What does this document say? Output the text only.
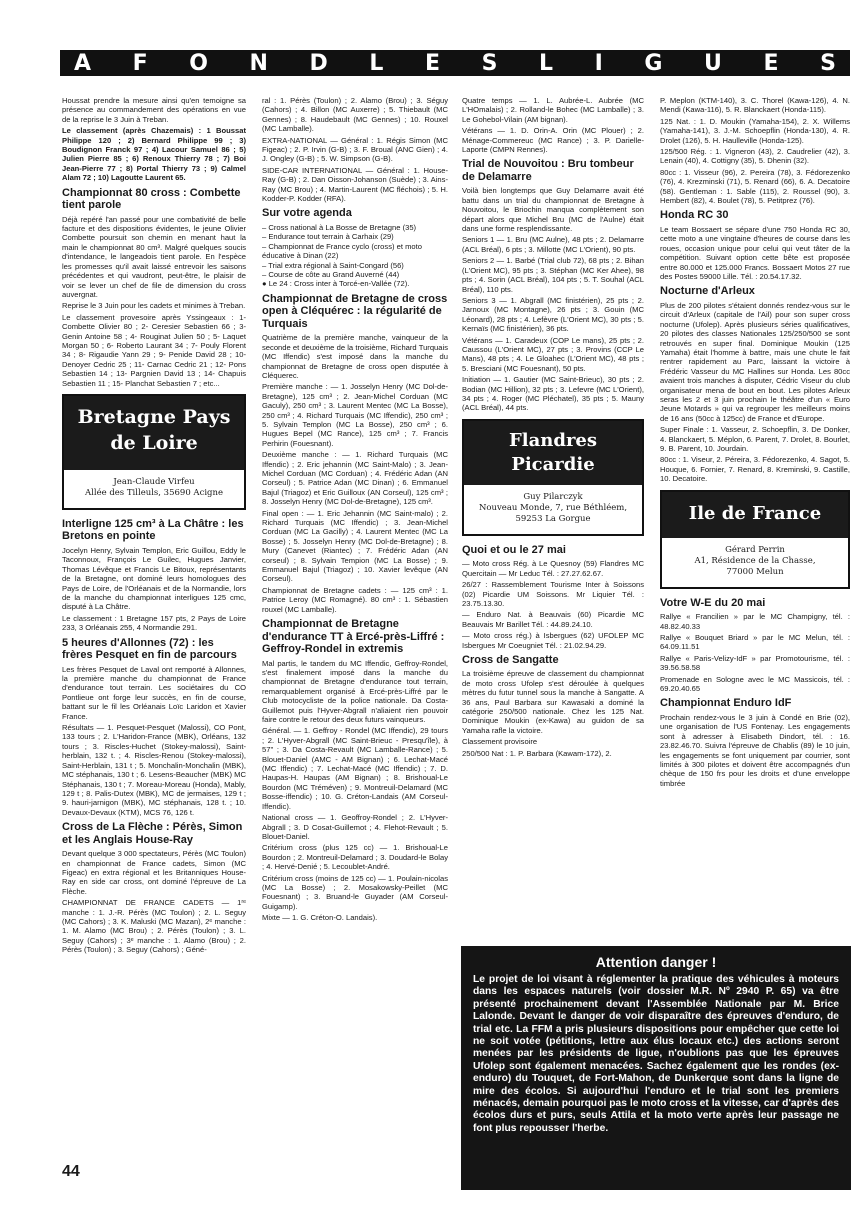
A F O N D L E S L I G U E S

Houssat prendre la mesure ainsi qu'en temoigne sa présence au commandement des opérations en vue de la reprise le 3 Juin à Treban.

Le classement (après Chazemais) : 1 Boussat Philippe 120 ; 2) Bernard Philippe 99 ; 3) Boudignon Franck 97 ; 4) Lacour Samuel 86 ; 5) Julien Pierre 85 ; 6) Renoux Thierry 78 ; 7) Boi Jean-Pierre 77 ; 8) Portal Thierry 73 ; 9) Calmel Alam 72 ; 10) Lagoutte Laurent 65.

Championnat 80 cross : Combette tient parole

Déjà repéré l'an passé pour une combativité de belle facture et des dispositions évidentes, le jeune Olivier Combette poursuit son chemin en menant haut la main le championnat 80 cm³. Malgré quelques soucis d'intendance, le langeadois tient parole. En l'espèce les promesses qu'il avait laissé entrevoir les saisons précédentes et qui vaudront, peut-être, le plaisir de voir se lever un chef de file de dimension du cross auvergnat.

Reprise le 3 Juin pour les cadets et minimes à Treban.

Le classement provesoire après Yssingeaux : 1- Combette Olivier 80 ; 2- Ceresier Sebastien 66 ; 3- Genin Antoine 58 ; 4- Rouginat Julien 50 ; 5- Laquet Morgan 50 ; 6- Roberto Laurant 34 ; 7- Pouly Florent 34 ; 8- Rigaudie Yann 29 ; 9- Penide David 28 ; 10- Denoyer Cedric 25 ; 11- Carnac Cedric 21 ; 12- Pons Sebastien 14 ; 13- Pargnien David 13 ; 14- Chapuis Sebastien 11 ; 15- Planchat Sebastien 7 ; etc...

Bretagne Pays de Loire
Jean-Claude Virfeu
Allée des Tilleuls, 35690 Acigne
Interligne 125 cm³ à La Châtre : les Bretons en pointe

Jocelyn Henry, Sylvain Templon, Eric Guillou, Eddy le Taconnoux, François Le Guilec, Hugues Janvier, Thomas Lévêque et Francis Le Bitoux, représentants de la Bretagne, ont dominé leurs homologues des Pays de Loire, de l'Orléanais et de la Normandie, lors de la manche du championnat interligues 125 cmc, disputé à La Châtre.

Le classement : 1 Bretagne 157 pts, 2 Pays de Loire 233, 3 Orléanais 255, 4 Normandie 291.

5 heures d'Allonnes (72) : les frères Pesquet en fin de parcours

Les frères Pesquet de Laval ont remporté à Allonnes, la première manche du championnat de France d'endurance tout terrain. Les sociétaires du CO Pontlieue ont forge leur succès, en fin de course, battant sur le fil les Orléanais Loïc Laridon et Xavier France.

Résultats — 1. Pesquet-Pesquet (Malossi), CO Pont, 133 tours ; 2. L'Haridon-France (MBK), Orléans, 132 tours ; 3. Riscles-Huchet (Stokey-malossi), Saint-herblain, 132 t. ; 4. Riscles-Renou (Stokey-malossi), Saint-Herblain, 131 t ; 5. Monchalin-Monchalin (MBK), MC stéphanais, 130 t ; 6. Lesens-Beaucher (MBK) MC Stéphanais, 130 t ; 7. Moreau-Moreau (Honda), Mably, 129 t ; 8. Palis-Dutex (MBK), MC de jermaises, 129 t ; 9. hauri-jarnigon (MBK), MC stéphanais, 128 t. ; 10. Devaux-Devaux (KTM), MCS 76, 126 t.

Cross de La Flèche : Pérès, Simon et les Anglais House-Ray

Devant quelque 3 000 spectateurs, Pérès (MC Toulon) en championnat de France cadets, Simon (MC Figeac) en extra régional et les Britanniques House-Ray en side car cross, ont dominé l'épreuve de La Flèche.

CHAMPIONNAT DE FRANCE CADETS — 1ʳᵉ manche : 1. J.-R. Pérès (MC Toulon) ; 2. L. Seguy (MC Cahors) ; 3. K. Maluski (MC Mazan), 2ᵉ manche : 1. M. Alamo (MC Brou) ; 2. Pérès (Toulon) ; 3. L. Seguy (Cahors) ; 3ᵉ manche : 1. Alamo (Brou) ; 2. Pérès (Toulon) ; 3. Seguy (Cahors) ; Géné-

ral : 1. Pérès (Toulon) ; 2. Alamo (Brou) ; 3. Séguy (Cahors) ; 4. Billon (MC Auxerre) ; 5. Thiebault (MC Gennes) ; 8. Haudebault (MC Gennes) ; 10. Rouxel (MC Lamballe).

EXTRA-NATIONAL — Général : 1. Régis Simon (MC Figeac) ; 2. P. Irvin (G-B) ; 3. F. Broual (ANC Gien) ; 4. J. Ongley (G-B) ; 5. W. Simpson (G-B).

SIDE-CAR INTERNATIONAL — Général : 1. House-Ray (G-B) ; 2. Dan Oisson-Johanson (Suède) ; 3. Ains-Ray (MC Brou) ; 4. Martin-Laurent (MC fléchois) ; 5. H. Kodder-P. Kodder (RFA).

Sur votre agenda
– Cross national à La Bosse de Bretagne (35)
– Endurance tout terrain à Carhaix (29)
– Championnat de France cyclo (cross) et moto éducative à Dinan (22)
– Trial extra régional à Saint-Congard (56)
– Course de côte au Grand Auverné (44)
● Le 24 : Cross inter à Torcé-en-Vallée (72).
Championnat de Bretagne de cross open à Cléquérec : la régularité de Turquais

Quatrième de la première manche, vainqueur de la seconde et deuxième de la troisième, Richard Turquais (MC Iffendic) s'est imposé dans la manche du championnat de Bretagne de cross open disputée à Cléquerec.

Première manche : — 1. Josselyn Henry (MC Dol-de-Bretagne), 125 cm³ ; 2. Jean-Michel Corduan (MC Gaculy), 250 cm³ ; 3. Laurent Mentec (MC La Bosse), 250 cm³ ; 4. Richard Turquais (MC Iffendic), 250 cm³ ; 5. Sylvain Templon (MC La Bosse), 250 cm³ ; 6. Hugues Bepel (MC Rance), 125 cm³ ; 7. Francis Perhirin (Fouesnant).

Deuxième manche : — 1. Richard Turquais (MC Iffendic) ; 2. Eric jehannin (MC Saint-Malo) ; 3. Jean-Michel Corduan (MC Corduan) ; 4. Frédéric Adan (AN Corseul) ; 5. Patrice Adan (MC Dinan) ; 6. Emmanuel Bajul (Triagoz) et Eric Guilloux (AN Corseul), 125 cm³ ; 8. Josselyn Henry (MC Dol-de-Bretagne), 125 cm³.

Final open : — 1. Eric Jehannin (MC Saint-malo) ; 2. Richard Turquais (MC Iffendic) ; 3. Jean-Michel Corduan (MC La Gacilly) ; 4. Laurent Mentec (MC La Bosse) ; 5. Josselyn Henry (MC Dol-de-Bretagne) ; 8. Mury (Canevet (Riantec) ; 7. Frédéric Adan (AN corseul) ; 8. Sylvain Tempion (MC La Bosse) ; 9. Emmanuel Bajul (Triagoz) ; 10. Xavier levêque (AN Corseul).

Championnat de Bretagne cadets : — 125 cm³ : 1. Patrice Leroy (MC Romagné). 80 cm³ : 1. Sébastien rouxel (MC Lamballe).

Championnat de Bretagne d'endurance TT à Ercé-près-Liffré : Geffroy-Rondel in extremis

Mal partis, le tandem du MC Iffendic, Geffroy-Rondel, s'est finalement imposé dans la manche du championnat de Bretagne d'endurance tout terrain, remarquablement organisé à Ercé-près-Liffré par le Club motocycliste de la police nationale. Da Costa-Guillemot puis l'Hyver-Abgrall n'aliaient rien pouvoir faire contre le retour des deux futurs vainqueurs.

Général. — 1. Geffroy - Rondel (MC Iffendic), 29 tours ; 2. L'Hyver-Abgrall (MC Saint-Brieuc - Presqu'île), à 57'' ; 3. Da Costa-Revault (MC Lamballe-Rance) ; 5. Blouet-Daniel (AMC - AM Bignan) ; 6. Lechat-Macé (MC Iffendic) ; 7. Lechat-Macé (MC Iffendic) ; 7. D. Haupas-H. Haupas (AM Bignan) ; 8. Brishoual-Le Bourdon (MC Tréméven) ; 9. Montreuil-Delamard (MC Bosse-iffendic) ; 10. G. Créton-Landais (AM Corseul-Iffendic).

National cross — 1. Geoffroy-Rondel ; 2. L'Hyver-Abgrall ; 3. D Cosat-Guillemot ; 4. Flehot-Revault ; 5. Blouet-Daniel.

Critérium cross (plus 125 cc) — 1. Brishoual-Le Bourdon ; 2. Montreuil-Delamard ; 3. Doudard-le Bolay ; 4. Hervé-Denié ; 5. Lecoublet-André.

Critérium cross (moins de 125 cc) — 1. Poulain-nicolas (MC La Bosse) ; 2. Mosakowsky-Peillet (MC Fouesnant) ; 3. Bruand-le Guyader (AM Corseul-Guigamp).

Mixte — 1. G. Créton-O. Landais).

Quatre temps — 1. L. Aubrée-L. Aubrée (MC L'HOmalais) ; 2. Rolland-le Bohec (MC Lamballe) ; 3. Le Gohebol-Vilain (AM bignan).

Vétérans — 1. D. Orin-A. Orin (MC Plouer) ; 2. Ménage-Commereuc (MC Rance) ; 3. P. Darielle-Laporte (CMPN Rennes).

Trial de Nouvoitou : Bru tombeur de Delamarre

Voilà bien longtemps que Guy Delamarre avait été battu dans un trial du championnat de Bretagne à Nouvoitou, le Briochin manqua complètement son départ alors que Michel Bru (MC de l'Aulne) était dans une forme resplendissante.

Seniors 1 — 1. Bru (MC Aulne), 48 pts ; 2. Delamarre (ACL Bréal), 6 pts ; 3. Millotte (MC L'Orient), 90 pts.

Seniors 2 — 1. Barbé (Trial club 72), 68 pts ; 2. Bihan (L'Orient MC), 95 pts ; 3. Stéphan (MC Ker Ahee), 98 pts ; 4. Sorin (ACL Bréal), 104 pts ; 5. T. Souhal (ACL Bréal), 110 pts.

Seniors 3 — 1. Abgrall (MC finistérien), 25 pts ; 2. Jarnoux (MC Montagne), 26 pts ; 3. Gouin (MC Léonard), 28 pts ; 4. Lefèvre (L'Orient MC), 30 pts ; 5. Kernaïs (MC finistérien), 36 pts.

Vétérans — 1. Caradeux (COP Le mans), 25 pts ; 2. Caussou (L'Orient MC), 27 pts ; 3. Provins (CCP Le Mans), 48 pts ; 4. Le Gloahec (L'Orient MC), 48 pts ; 5. Bresciani (MC Fouesnant), 50 pts.

Initiation — 1. Gautier (MC Saint-Brieuc), 30 pts ; 2. Bodian (MC Hillion), 32 pts ; 3. Lefevre (MC L'Orient), 34 pts ; 4. Roger (MC Pléchatel), 35 pts ; 5. Mauny (ACL Bréal), 44 pts.

Flandres Picardie
Guy Pilarczyk
Nouveau Monde, 7, rue Béthléem,
59253 La Gorgue
Quoi et ou le 27 mai

— Moto cross Rég. à Le Quesnoy (59) Flandres MC Quercitain — Mr Leduc Tél. : 27.27.62.67.

26/27 : Rassemblement Tourisme Inter à Soissons (02) Picardie UM Soissons. Mr Liquier Tél. : 23.75.13.30.

— Enduro Nat. à Beauvais (60) Picardie MC Beauvais Mr Barillet Tél. : 44.89.24.10.

— Moto cross rég.) à Isbergues (62) UFOLEP MC Isbergues Mr Coeugniet Tél. : 21.02.94.29.

Cross de Sangatte

La troisième épreuve de classement du championnat de moto cross Ufolep s'est déroulée à quelques mètres du futur tunnel sous la manche à Sangatte. A 36 ans, Paul Barbara sur Kawasaki a dominé la catégorie 250/500 nationale. Chez les 125 Nat. Dominique Moukin (ex-Kawa) au guidon de sa Yamaha rafle la victoire.

Classement provisoire

250/500 Nat : 1. P. Barbara (Kawam-172), 2.

P. Meplon (KTM-140), 3. C. Thorel (Kawa-126), 4. N. Mendi (Kawa-116), 5. R. Blanckaert (Honda-115).

125 Nat. : 1. D. Moukin (Yamaha-154), 2. X. Willems (Yamaha-141), 3. J.-M. Schoepflin (Honda-130), 4. R. Drolet (126), 5. H. Haulleville (Honda-125).

125/500 Rég. : 1. Vigneron (43), 2. Caudrelier (42), 3. Lenain (40), 4. Cottigny (35), 5. Dhenin (32).

80cc : 1. Visseur (96), 2. Pereira (78), 3. Fédorezenko (76), 4. Krezminski (71), 5. Renard (66), 6. A. Decatoire (58). Gentleman : 1. Sable (115), 2. Roussel (90), 3. Hembert (82), 4. Boulet (78), 5. Petitprez (76).

Honda RC 30

Le team Bossaert se sépare d'une 750 Honda RC 30, cette moto a une vingtaine d'heures de course dans les roues, occasion unique pour celui qui veut tâter de la compétition. Suivant option cette bête est proposée entre 80.000 et 125.000 Francs. Bossaert Motos 27 rue des Postes 59000 Lille. Tél. : 20.54.17.32.

Nocturne d'Arleux

Plus de 200 pilotes s'étaient donnés rendez-vous sur le circuit d'Arleux (capitale de l'Ail) pour son super cross nocturne (Ufolep). Après plusieurs séries qualificatives, 20 pilotes des classes Nationales 125/250/500 se sont retrouvés en super final. Dominique Moukin (125 Yamaha) était l'homme à battre, mais une chute le fait rentrer rapidement au Parc, laissant la victoire à Frédéric Vasseur du MC Hallines sur Honda. Les 80cc avaient trois manches à disputer, Cédric Viseur du club organisateur mena de bout en bout. Les pilotes Arleux seras les 2 et 3 juin prochain le théâtre d'un « Euro Jeune Motards » qui va regrouper les meilleurs moins de 16 ans (50cc à 125cc) de France et d'Europe.

Super Finale : 1. Vasseur, 2. Schoepflin, 3. De Donker, 4. Blanckaert, 5. Méplon, 6. Parent, 7. Drolet, 8. Bourlet, 9. B. Parent, 10. Jourdain.

80cc : 1. Viseur, 2. Péreira, 3. Fédorezenko, 4. Sagot, 5. Houque, 6. Fornier, 7. Renard, 8. Kreminski, 9. Castille, 10. Decatoire.

Ile de France
Gérard Perrin
A1, Résidence de la Chasse,
77000 Melun
Votre W-E du 20 mai

Rallye « Francilien » par le MC Champigny, tél. : 48.82.40.33

Rallye « Bouquet Briard » par le MC Melun, tél. : 64.09.11.51

Rallye « Paris-Velizy-IdF » par Promotourisme, tél. : 39.56.58.58

Promenade en Sologne avec le MC Massicois, tél. : 69.20.40.65

Championnat Enduro IdF

Prochain rendez-vous le 3 juin à Condé en Brie (02), une organisation de l'US Fontenay. Les engagements sont à adresser à Elisabeth Dindort, tél. : 16. 23.82.46.70. Suivra l'épreuve de Chablis (89) le 10 juin, les engagements se font uniquement par courrier, sont limités à 300 pilotes et doivent être accompagnés d'un chèque de 150 frs pour les droits et d'une enveloppe timbrée

Attention danger !

Le projet de loi visant à réglementer la pratique des véhicules à moteurs dans les espaces naturels (voir dossier M.R. Nº 2940 P. 65) va être présenté prochainement devant l'Assemblée Nationale par M. Brice Lalonde. Devant le danger de voir disparaître des épreuves d'enduro, de trial etc. La FFM a pris plusieurs dispositions pour empêcher que cette loi ne soit votée (pétitions, lettre aux élus locaux etc.) des actions seront menées par les présidents de ligue, n'oublions pas que les épreuves Ufolep sont également menacées. Sachez également que les rondes (ex-enduro) du Touquet, de Fort-Mahon, de Dunkerque sont dans la ligne de mire des écolos. Si aujourd'hui l'enduro et le trial sont les premiers ménacés, demain pourquoi pas le moto cross et la vitesse, car d'après des écolos durs et purs, seuls Attila et la moto verte après leur passage ne font plus repousser l'herbe.

44
